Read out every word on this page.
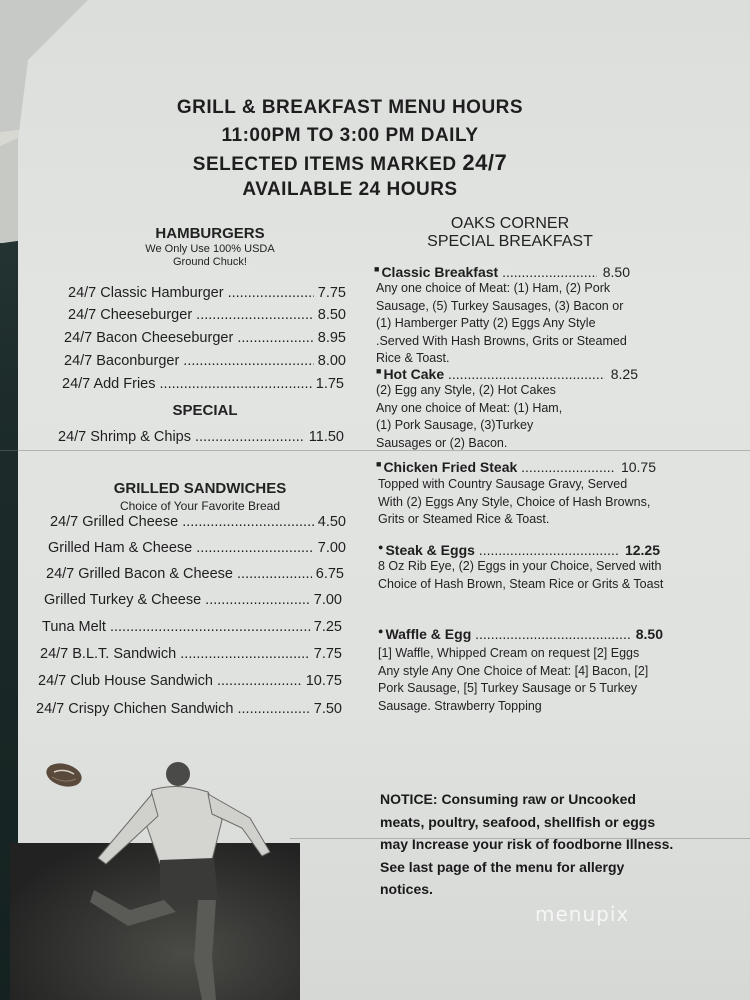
GRILL & BREAKFAST MENU HOURS
11:00PM TO 3:00 PM DAILY
SELECTED ITEMS MARKED 24/7
AVAILABLE 24 HOURS
HAMBURGERS
We Only Use 100% USDA
Ground Chuck!
24/7 Classic Hamburger .....	7.75
24/7 Cheeseburger .....	8.50
24/7 Bacon Cheeseburger .....	8.95
24/7 Baconburger .....	8.00
24/7 Add Fries .....	1.75
SPECIAL
24/7 Shrimp & Chips .....	11.50
GRILLED SANDWICHES
Choice of Your Favorite Bread
24/7 Grilled Cheese .....	4.50
Grilled Ham & Cheese .....	7.00
24/7 Grilled Bacon & Cheese .....	6.75
Grilled Turkey & Cheese .....	7.00
Tuna Melt .....	7.25
24/7 B.L.T. Sandwich .....	7.75
24/7 Club House Sandwich .....	10.75
24/7 Crispy Chichen Sandwich .....	7.50
OAKS CORNER
SPECIAL BREAKFAST
■ Classic Breakfast .....	8.50
Any one choice of Meat: (1) Ham, (2) Pork Sausage, (5) Turkey Sausages, (3) Bacon or (1) Hamberger Patty (2) Eggs Any Style .Served With Hash Browns, Grits or Steamed Rice & Toast.
■ Hot Cake .....	8.25
(2) Egg any Style, (2) Hot Cakes Any one choice of Meat: (1) Ham, (1) Pork Sausage, (3)Turkey Sausages or (2) Bacon.
■ Chicken Fried Steak .....	10.75
Topped with Country Sausage Gravy, Served With (2) Eggs Any Style, Choice of Hash Browns, Grits or Steamed Rice & Toast.
● Steak & Eggs .....	12.25
8 Oz Rib Eye, (2) Eggs in your Choice, Served with Choice of Hash Brown, Steam Rice or Grits & Toast
● Waffle & Egg .....	8.50
[1] Waffle, Whipped Cream on request [2] Eggs Any style Any One Choice of Meat: [4] Bacon, [2] Pork Sausage, [5] Turkey Sausage or 5 Turkey Sausage. Strawberry Topping
NOTICE: Consuming raw or Uncooked meats, poultry, seafood, shellfish or eggs may Increase your risk of foodborne Illness. See last page of the menu for allergy notices.
menupix
